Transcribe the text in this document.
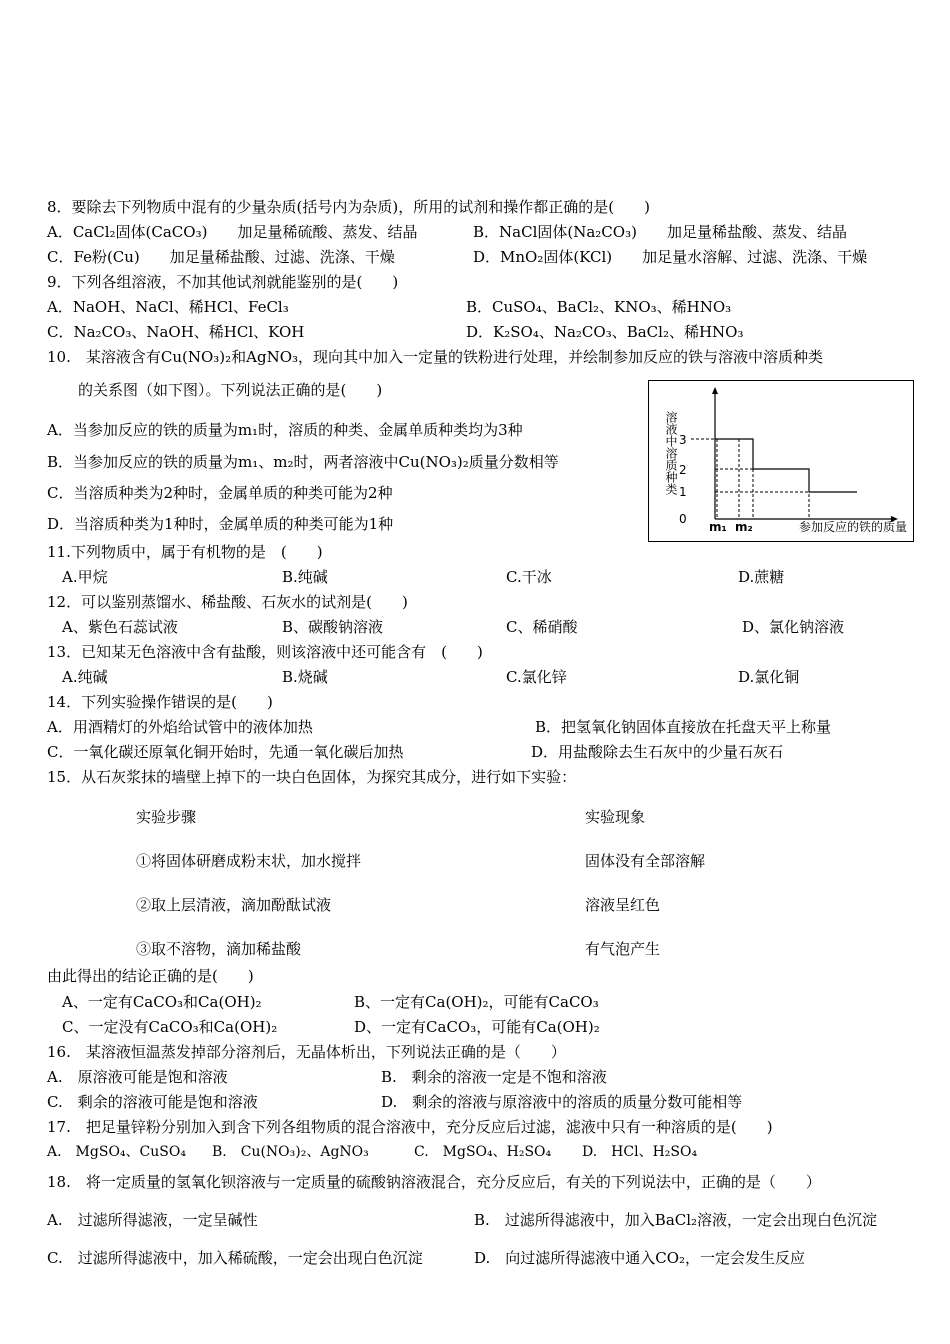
8．要除去下列物质中混有的少量杂质(括号内为杂质)，所用的试剂和操作都正确的是(　　)
A．CaCl₂固体(CaCO₃)　　加足量稀硫酸、蒸发、结晶	B．NaCl固体(Na₂CO₃)　　加足量稀盐酸、蒸发、结晶
C．Fe粉(Cu)　　加足量稀盐酸、过滤、洗涤、干燥	D．MnO₂固体(KCl)　　加足量水溶解、过滤、洗涤、干燥
9．下列各组溶液，不加其他试剂就能鉴别的是(　　)
A．NaOH、NaCl、稀HCl、FeCl₃	B．CuSO₄、BaCl₂、KNO₃、稀HNO₃
C．Na₂CO₃、NaOH、稀HCl、KOH	D．K₂SO₄、Na₂CO₃、BaCl₂、稀HNO₃
10.　某溶液含有Cu(NO₃)₂和AgNO₃，现向其中加入一定量的铁粉进行处理，并绘制参加反应的铁与溶液中溶质种类
的关系图（如下图）。下列说法正确的是(　　)
A．当参加反应的铁的质量为m₁时，溶质的种类、金属单质种类均为3种
B．当参加反应的铁的质量为m₁、m₂时，两者溶液中Cu(NO₃)₂质量分数相等
C．当溶质种类为2种时，金属单质的种类可能为2种
D．当溶质种类为1种时，金属单质的种类可能为1种
溶液中溶质种类
0
1
2
3
m₁ m₂	参加反应的铁的质量
11.下列物质中，属于有机物的是　(　　)
A.甲烷	B.纯碱	C.干冰	D.蔗糖
12．可以鉴别蒸馏水、稀盐酸、石灰水的试剂是(　　)
A、紫色石蕊试液	B、碳酸钠溶液	C、稀硝酸	D、氯化钠溶液
13．已知某无色溶液中含有盐酸，则该溶液中还可能含有　(　　)
A.纯碱	B.烧碱	C.氯化锌	D.氯化铜
14．下列实验操作错误的是(　　)
A．用酒精灯的外焰给试管中的液体加热	B．把氢氧化钠固体直接放在托盘天平上称量
C．一氧化碳还原氧化铜开始时，先通一氧化碳后加热	D．用盐酸除去生石灰中的少量石灰石
15．从石灰浆抹的墙壁上掉下的一块白色固体，为探究其成分，进行如下实验：
实验步骤	实验现象
①将固体研磨成粉末状，加水搅拌	固体没有全部溶解
②取上层清液，滴加酚酞试液	溶液呈红色
③取不溶物，滴加稀盐酸	有气泡产生
由此得出的结论正确的是(　　)
A、一定有CaCO₃和Ca(OH)₂	B、一定有Ca(OH)₂，可能有CaCO₃
C、一定没有CaCO₃和Ca(OH)₂	D、一定有CaCO₃，可能有Ca(OH)₂
16.　某溶液恒温蒸发掉部分溶剂后，无晶体析出，下列说法正确的是（　　）
A.　原溶液可能是饱和溶液	B.　剩余的溶液一定是不饱和溶液
C.　剩余的溶液可能是饱和溶液	D.　剩余的溶液与原溶液中的溶质的质量分数可能相等
17.　把足量锌粉分别加入到含下列各组物质的混合溶液中，充分反应后过滤，滤液中只有一种溶质的是(　　)
A.　MgSO₄、CuSO₄ B.　Cu(NO₃)₂、AgNO₃	C.　MgSO₄、H₂SO₄ D.　HCl、H₂SO₄
18.　将一定质量的氢氧化钡溶液与一定质量的硫酸钠溶液混合，充分反应后，有关的下列说法中，正确的是（　　）
A.　过滤所得滤液，一定呈碱性	B.　过滤所得滤液中，加入BaCl₂溶液，一定会出现白色沉淀
C.　过滤所得滤液中，加入稀硫酸，一定会出现白色沉淀	D.　向过滤所得滤液中通入CO₂，一定会发生反应
